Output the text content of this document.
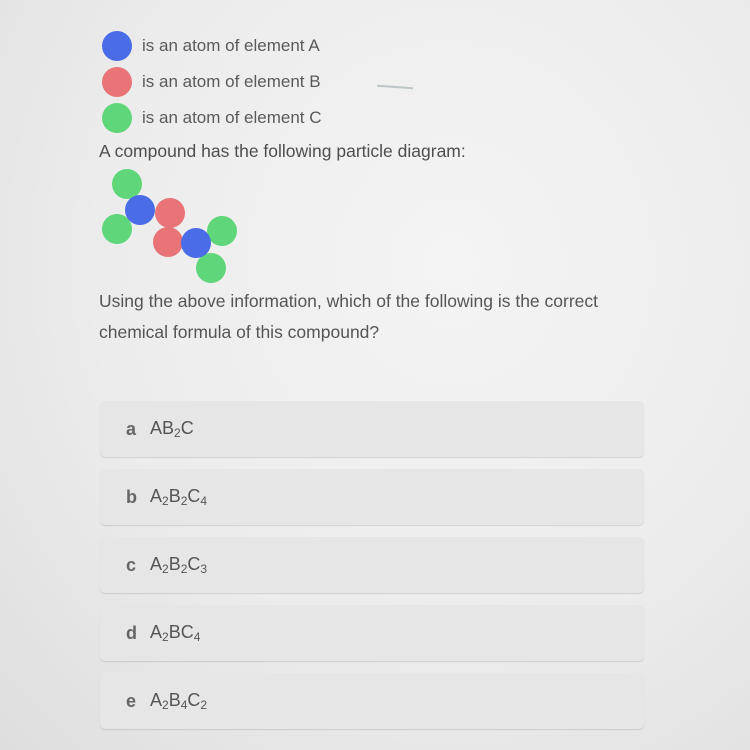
is an atom of element A
is an atom of element B
is an atom of element C
A compound has the following particle diagram:
Using the above information, which of the following is the correct chemical formula of this compound?
a $AB_2C$
b $A_2B_2C_4$
c $A_2B_2C_3$
d $A_2BC_4$
e $A_2B_4C_2$
